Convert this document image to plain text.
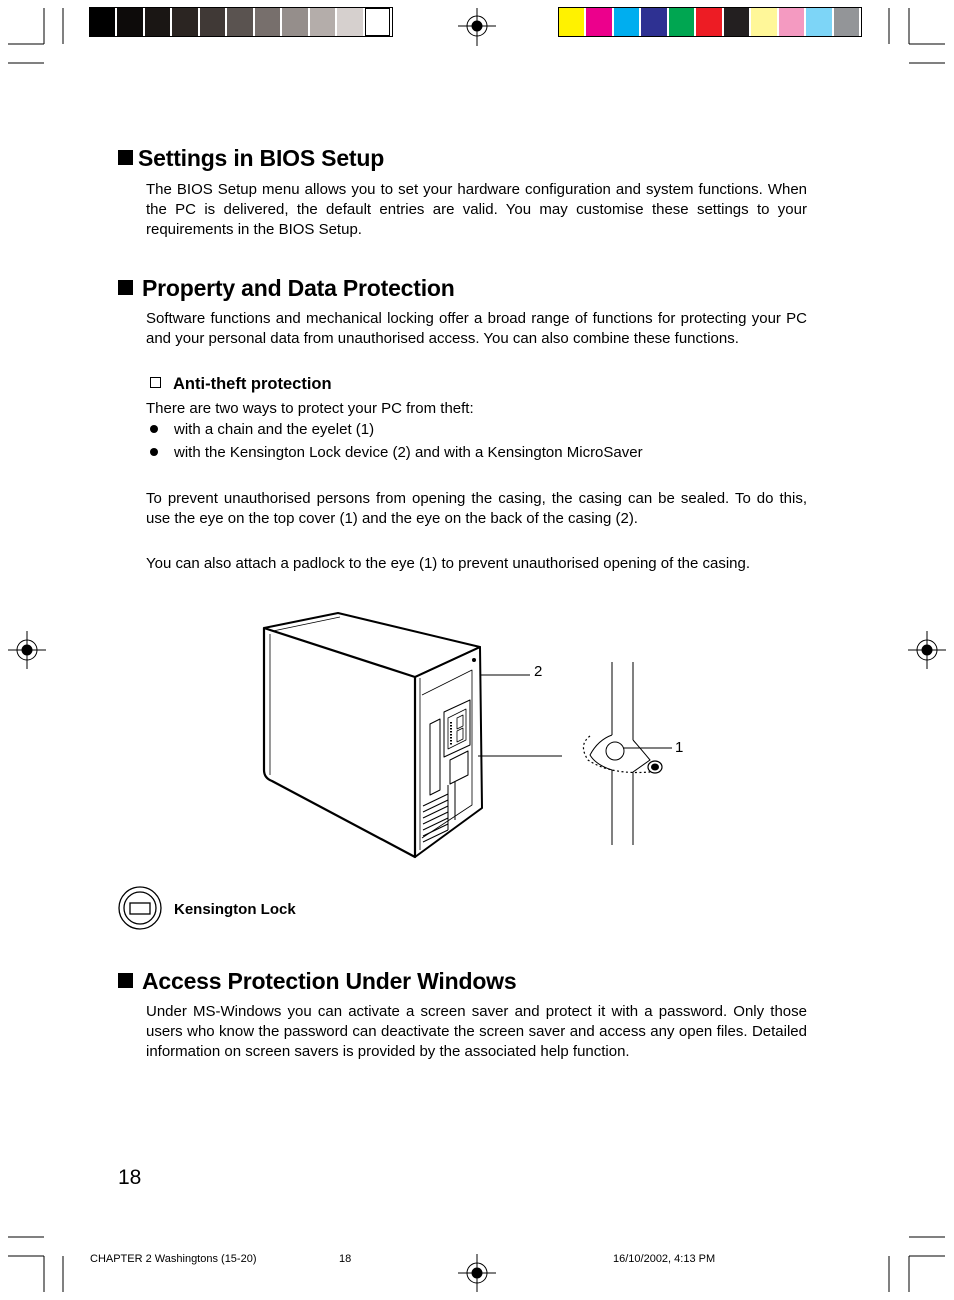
Settings in BIOS Setup
The BIOS Setup menu allows you to set your hardware configuration and system functions. When the PC is delivered, the default entries are valid. You may customise these settings to your requirements in the BIOS Setup.
Property and Data Protection
Software functions and mechanical locking offer a broad range of functions for protecting your PC and your personal data from unauthorised access. You can also combine these functions.
Anti-theft protection
There are two ways to protect your PC from theft:
with a chain and the eyelet (1)
with the Kensington Lock device (2) and with a Kensington MicroSaver
To prevent unauthorised persons from opening the casing, the casing can be sealed. To do this, use the eye on the top cover (1) and the eye on the back of the casing (2).
You can also attach a padlock to the eye (1) to prevent unauthorised opening of the casing.
2
1
Kensington Lock
Access Protection Under Windows
Under MS-Windows you can activate a screen saver and protect it with a password. Only those users who know the password can deactivate the screen saver and access any open files. Detailed information on screen savers is provided by the associated help function.
18
CHAPTER 2 Washingtons (15-20)	18	16/10/2002, 4:13 PM
